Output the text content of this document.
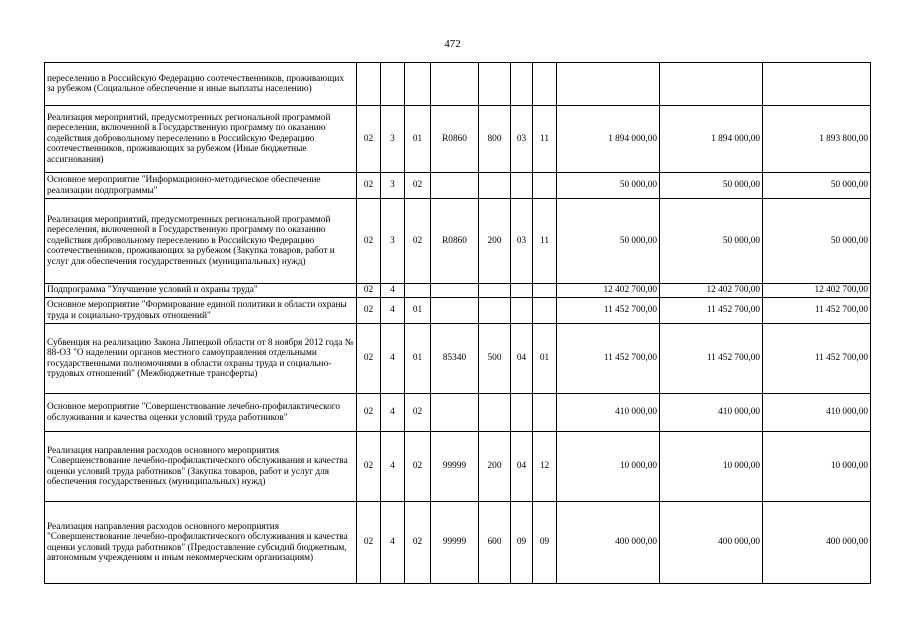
472
переселению в Российскую Федерацию соотечественников, проживающих за рубежом (Социальное обеспечение и иные выплаты населению)										
Реализация мероприятий, предусмотренных региональной программой переселения, включенной в Государственную программу по оказанию содействия добровольному переселению в Российскую Федерацию соотечественников, проживающих за рубежом (Иные бюджетные ассигнования)	02	3	01	R0860	800	03	11	1 894 000,00	1 894 000,00	1 893 800,00
Основное мероприятие "Информационно-методическое обеспечение реализации подпрограммы"	02	3	02					50 000,00	50 000,00	50 000,00
Реализация мероприятий, предусмотренных региональной программой переселения, включенной в Государственную программу по оказанию содействия добровольному переселению в Российскую Федерацию соотечественников, проживающих за рубежом (Закупка товаров, работ и услуг для обеспечения государственных (муниципальных) нужд)	02	3	02	R0860	200	03	11	50 000,00	50 000,00	50 000,00
Подпрограмма "Улучшение условий и охраны труда"	02	4						12 402 700,00	12 402 700,00	12 402 700,00
Основное мероприятие "Формирование единой политики в области охраны труда и социально-трудовых отношений"	02	4	01					11 452 700,00	11 452 700,00	11 452 700,00
Субвенция на реализацию Закона Липецкой области от 8 ноября 2012 года № 88-ОЗ "О наделении органов местного самоуправления отдельными государственными полномочиями в области охраны труда и социально-трудовых отношений" (Межбюджетные трансферты)	02	4	01	85340	500	04	01	11 452 700,00	11 452 700,00	11 452 700,00
Основное мероприятие "Совершенствование лечебно-профилактического обслуживания и качества оценки условий труда работников"	02	4	02					410 000,00	410 000,00	410 000,00
Реализация направления расходов основного мероприятия "Совершенствование лечебно-профилактического обслуживания и качества оценки условий труда работников" (Закупка товаров, работ и услуг для обеспечения государственных (муниципальных) нужд)	02	4	02	99999	200	04	12	10 000,00	10 000,00	10 000,00
Реализация направления расходов основного мероприятия "Совершенствование лечебно-профилактического обслуживания и качества оценки условий труда работников" (Предоставление субсидий бюджетным, автономным учреждениям и иным некоммерческим организациям)	02	4	02	99999	600	09	09	400 000,00	400 000,00	400 000,00
